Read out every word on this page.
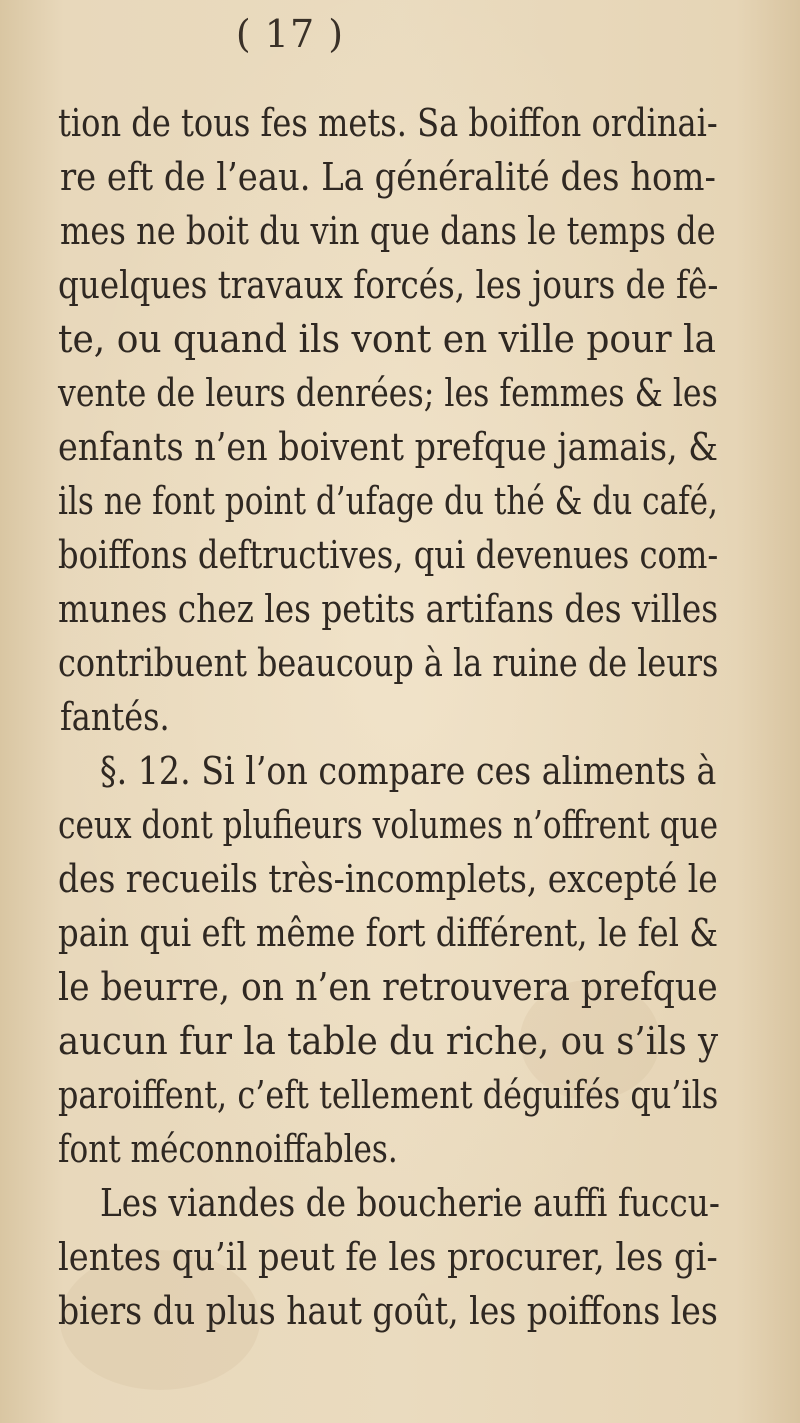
( 17 )
tion de tous fes mets. Sa boiffon ordinai-
re eft de l’eau. La généralité des hom-
mes ne boit du vin que dans le temps de
quelques travaux forcés, les jours de fê-
te, ou quand ils vont en ville pour la
vente de leurs denrées; les femmes & les
enfants n’en boivent prefque jamais, &
ils ne font point d’ufage du thé & du café,
boiffons deftructives, qui devenues com-
munes chez les petits artifans des villes
contribuent beaucoup à la ruine de leurs
fantés.
§. 12. Si l’on compare ces aliments à
ceux dont plufieurs volumes n’offrent que
des recueils très-incomplets, excepté le
pain qui eft même fort différent, le fel &
le beurre, on n’en retrouvera prefque
aucun fur la table du riche, ou s’ils y
paroiffent, c’eft tellement déguifés qu’ils
font méconnoiffables.
Les viandes de boucherie auffi fuccu-
lentes qu’il peut fe les procurer, les gi-
biers du plus haut goût, les poiffons les
